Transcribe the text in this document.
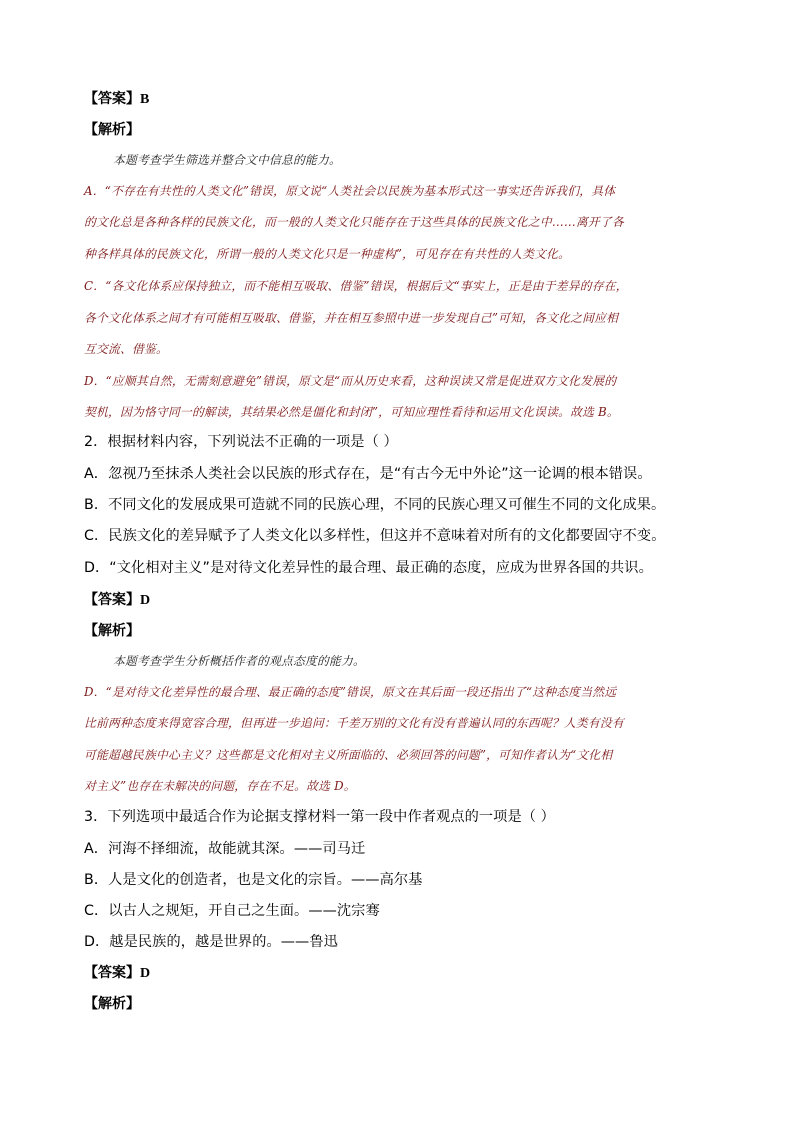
【答案】B
【解析】
本题考查学生筛选并整合文中信息的能力。
A．“不存在有共性的人类文化”错误，原文说“人类社会以民族为基本形式这一事实还告诉我们，具体
的文化总是各种各样的民族文化，而一般的人类文化只能存在于这些具体的民族文化之中……离开了各
种各样具体的民族文化，所谓一般的人类文化只是一种虚构”，可见存在有共性的人类文化。
C．“各文化体系应保持独立，而不能相互吸取、借鉴”错误，根据后文“事实上，正是由于差异的存在，
各个文化体系之间才有可能相互吸取、借鉴，并在相互参照中进一步发现自己”可知，各文化之间应相
互交流、借鉴。
D．“应顺其自然，无需刻意避免”错误，原文是“而从历史来看，这种误读又常是促进双方文化发展的
契机，因为恪守同一的解读，其结果必然是僵化和封闭”，可知应理性看待和运用文化误读。故选 B。
2．根据材料内容，下列说法不正确的一项是（ ）
A．忽视乃至抹杀人类社会以民族的形式存在，是“有古今无中外论”这一论调的根本错误。
B．不同文化的发展成果可造就不同的民族心理，不同的民族心理又可催生不同的文化成果。
C．民族文化的差异赋予了人类文化以多样性，但这并不意味着对所有的文化都要固守不变。
D．“文化相对主义”是对待文化差异性的最合理、最正确的态度，应成为世界各国的共识。
【答案】D
【解析】
本题考查学生分析概括作者的观点态度的能力。
D．“是对待文化差异性的最合理、最正确的态度”错误，原文在其后面一段还指出了“这种态度当然远
比前两种态度来得宽容合理，但再进一步追问：千差万别的文化有没有普遍认同的东西呢？人类有没有
可能超越民族中心主义？这些都是文化相对主义所面临的、必须回答的问题”，可知作者认为“文化相
对主义”也存在未解决的问题，存在不足。故选 D。
3．下列选项中最适合作为论据支撑材料一第一段中作者观点的一项是（ ）
A．河海不择细流，故能就其深。——司马迁
B．人是文化的创造者，也是文化的宗旨。——高尔基
C．以古人之规矩，开自己之生面。——沈宗骞
D．越是民族的，越是世界的。——鲁迅
【答案】D
【解析】
